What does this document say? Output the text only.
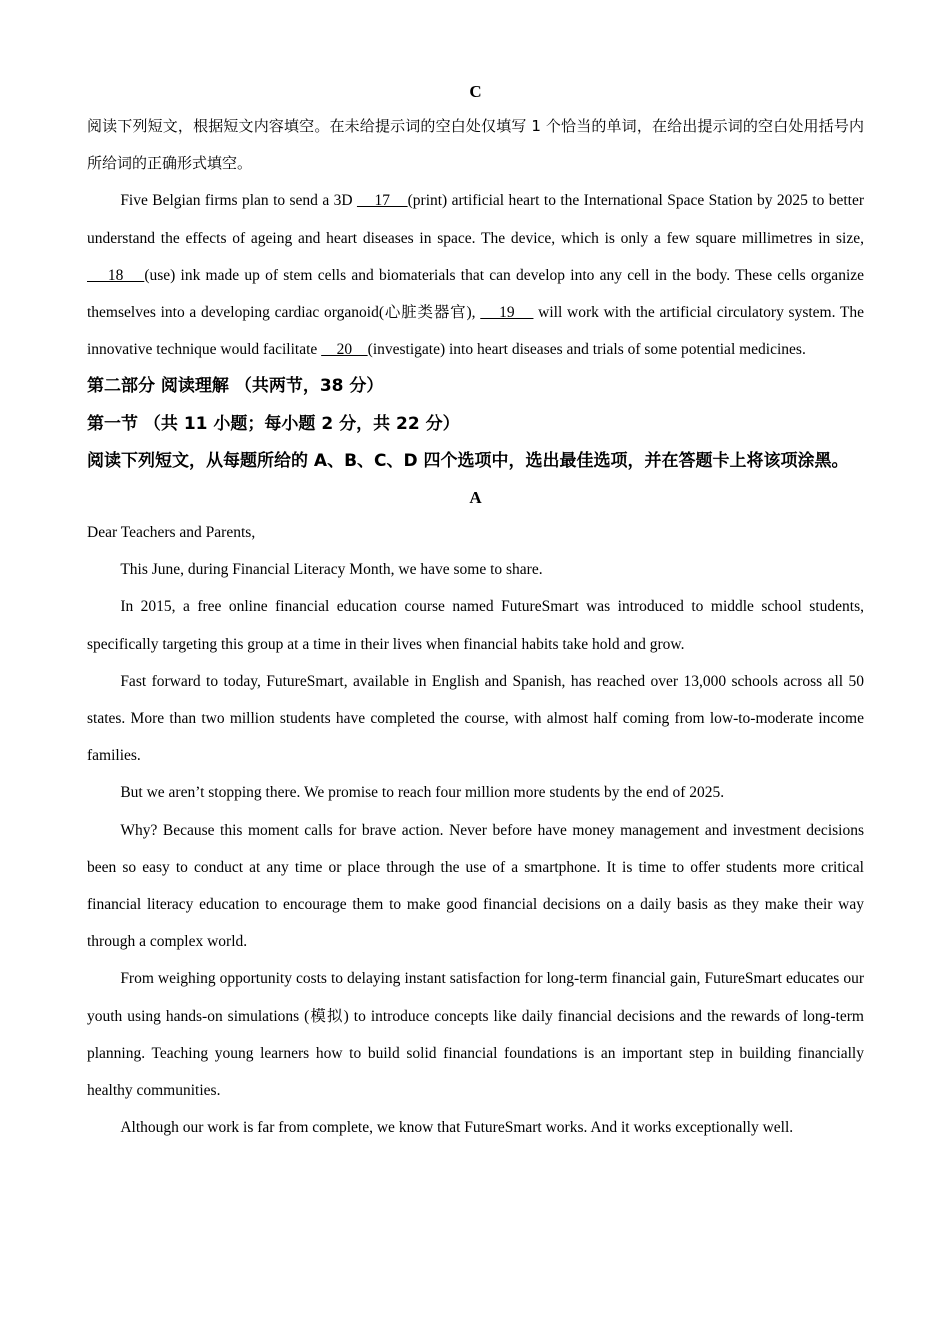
C
阅读下列短文，根据短文内容填空。在未给提示词的空白处仅填写 1 个恰当的单词，在给出提示词的空白处用括号内所给词的正确形式填空。
Five Belgian firms plan to send a 3D     17    (print) artificial heart to the International Space Station by 2025 to better understand the effects of ageing and heart diseases in space. The device, which is only a few square millimetres in size,     18    (use) ink made up of stem cells and biomaterials that can develop into any cell in the body. These cells organize themselves into a developing cardiac organoid(心脏类器官),     19     will work with the artificial circulatory system. The innovative technique would facilitate     20    (investigate) into heart diseases and trials of some potential medicines.
第二部分 阅读理解 （共两节，38 分）
第一节 （共 11 小题；每小题 2 分，共 22 分）
阅读下列短文，从每题所给的 A、B、C、D 四个选项中，选出最佳选项，并在答题卡上将该项涂黑。
A
Dear Teachers and Parents,
This June, during Financial Literacy Month, we have some to share.
In 2015, a free online financial education course named FutureSmart was introduced to middle school students, specifically targeting this group at a time in their lives when financial habits take hold and grow.
Fast forward to today, FutureSmart, available in English and Spanish, has reached over 13,000 schools across all 50 states. More than two million students have completed the course, with almost half coming from low-to-moderate income families.
But we aren’t stopping there. We promise to reach four million more students by the end of 2025.
Why? Because this moment calls for brave action. Never before have money management and investment decisions been so easy to conduct at any time or place through the use of a smartphone. It is time to offer students more critical financial literacy education to encourage them to make good financial decisions on a daily basis as they make their way through a complex world.
From weighing opportunity costs to delaying instant satisfaction for long-term financial gain, FutureSmart educates our youth using hands-on simulations (模拟) to introduce concepts like daily financial decisions and the rewards of long-term planning. Teaching young learners how to build solid financial foundations is an important step in building financially healthy communities.
Although our work is far from complete, we know that FutureSmart works. And it works exceptionally well.
